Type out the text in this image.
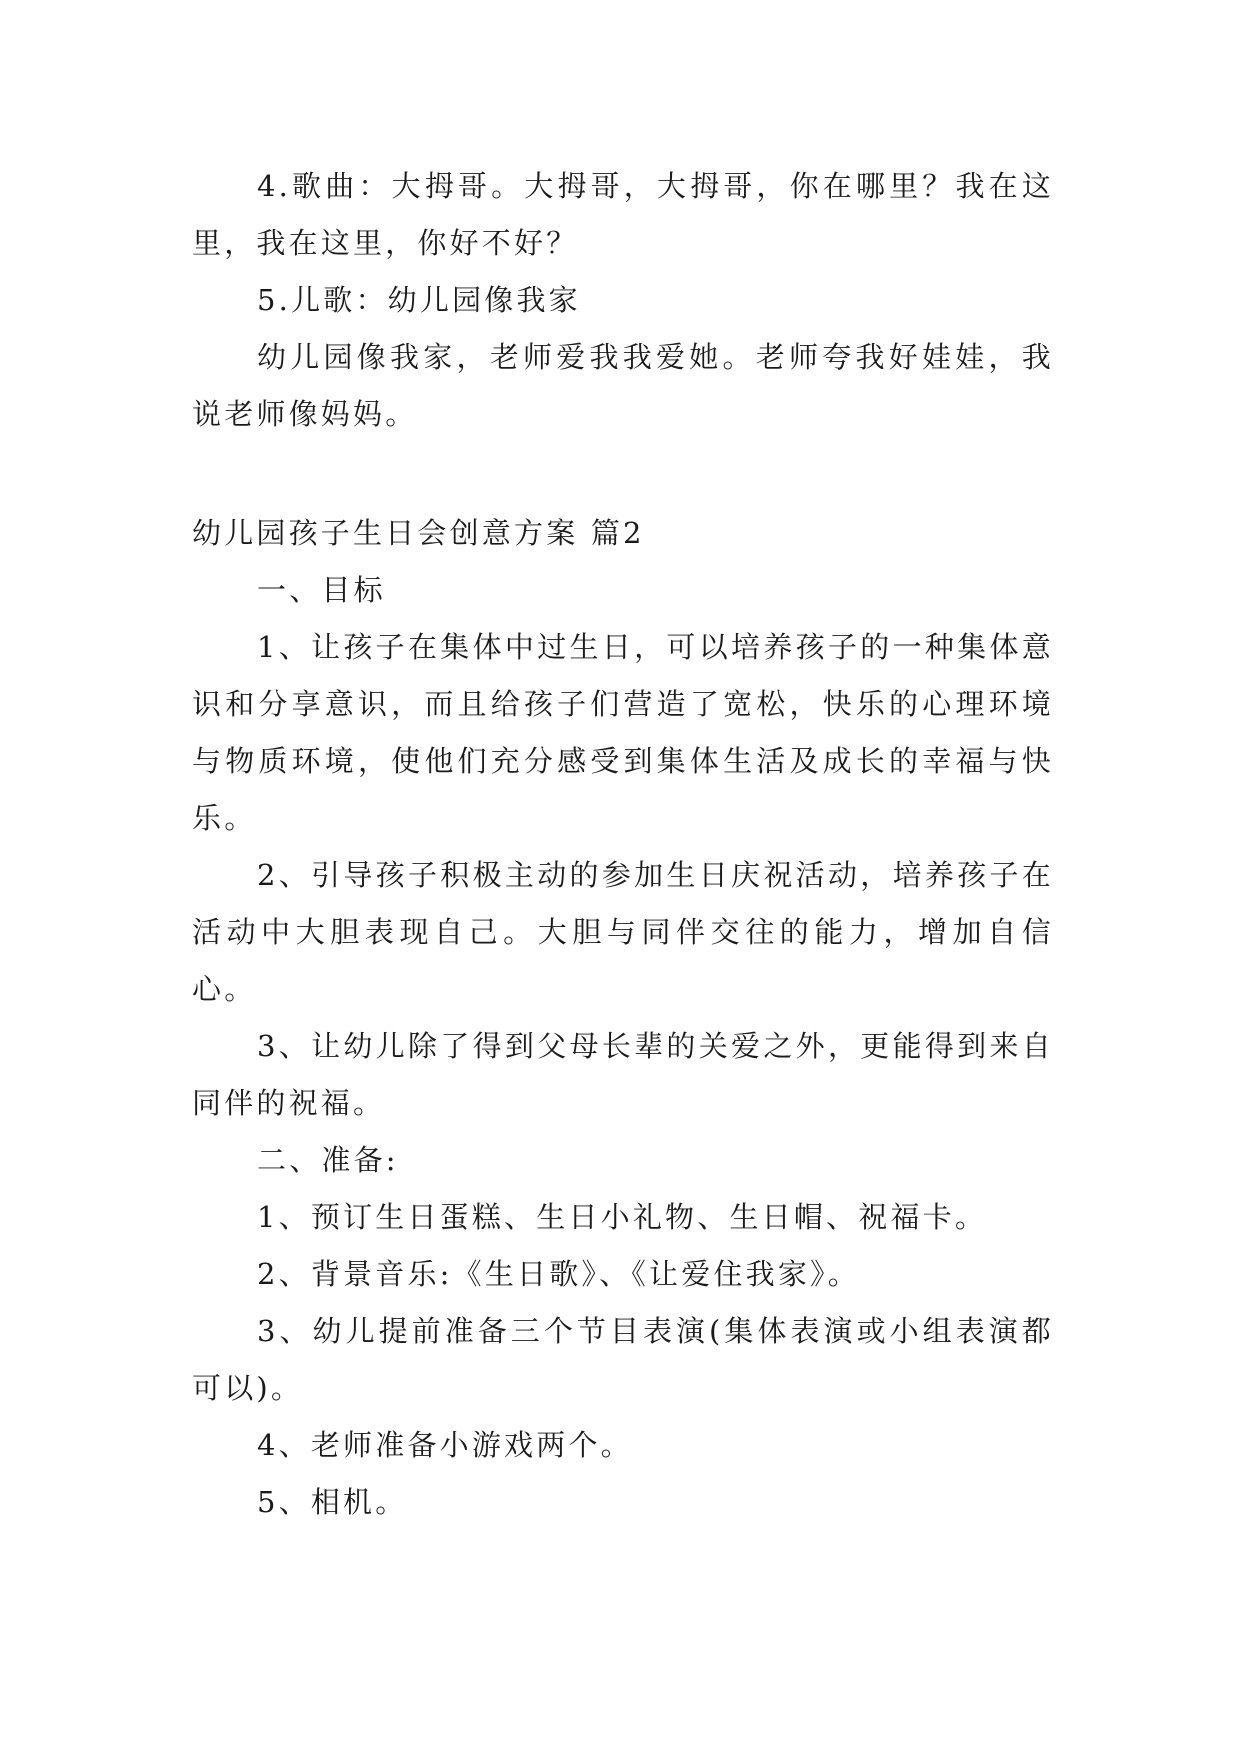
4.歌曲：大拇哥。大拇哥，大拇哥，你在哪里？我在这里，我在这里，你好不好？

5.儿歌：幼儿园像我家

幼儿园像我家，老师爱我我爱她。老师夸我好娃娃，我说老师像妈妈。

幼儿园孩子生日会创意方案 篇2

一、目标

1、让孩子在集体中过生日，可以培养孩子的一种集体意识和分享意识，而且给孩子们营造了宽松，快乐的心理环境与物质环境，使他们充分感受到集体生活及成长的幸福与快乐。

2、引导孩子积极主动的参加生日庆祝活动，培养孩子在活动中大胆表现自己。大胆与同伴交往的能力，增加自信心。

3、让幼儿除了得到父母长辈的关爱之外，更能得到来自同伴的祝福。

二、准备:

1、预订生日蛋糕、生日小礼物、生日帽、祝福卡。

2、背景音乐:《生日歌》、《让爱住我家》。

3、幼儿提前准备三个节目表演(集体表演或小组表演都可以)。

4、老师准备小游戏两个。

5、相机。
